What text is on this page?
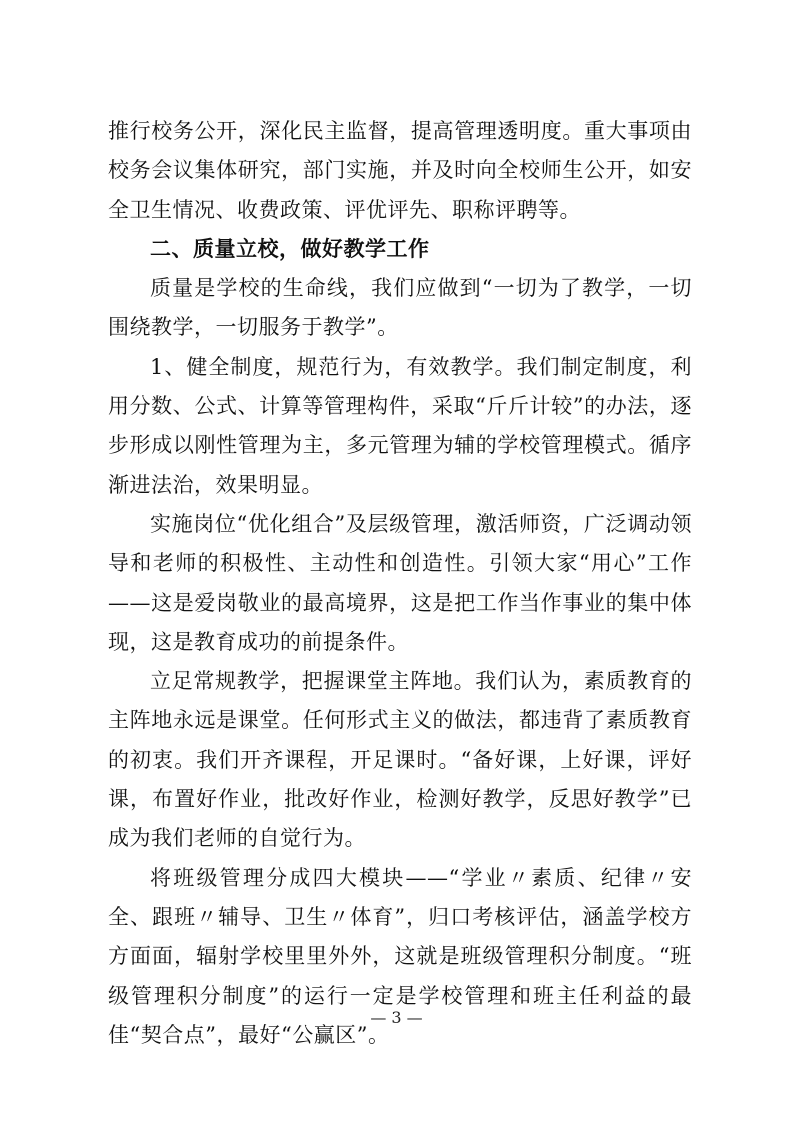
推行校务公开，深化民主监督，提高管理透明度。重大事项由校务会议集体研究，部门实施，并及时向全校师生公开，如安全卫生情况、收费政策、评优评先、职称评聘等。

二、质量立校，做好教学工作

质量是学校的生命线，我们应做到“一切为了教学，一切围绕教学，一切服务于教学”。

1、健全制度，规范行为，有效教学。我们制定制度，利用分数、公式、计算等管理构件，采取“斤斤计较”的办法，逐步形成以刚性管理为主，多元管理为辅的学校管理模式。循序渐进法治，效果明显。

实施岗位“优化组合”及层级管理，激活师资，广泛调动领导和老师的积极性、主动性和创造性。引领大家“用心”工作——这是爱岗敬业的最高境界，这是把工作当作事业的集中体现，这是教育成功的前提条件。

立足常规教学，把握课堂主阵地。我们认为，素质教育的主阵地永远是课堂。任何形式主义的做法，都违背了素质教育的初衷。我们开齐课程，开足课时。“备好课，上好课，评好课，布置好作业，批改好作业，检测好教学，反思好教学”已成为我们老师的自觉行为。

将班级管理分成四大模块——“学业〃素质、纪律〃安全、跟班〃辅导、卫生〃体育”，归口考核评估，涵盖学校方方面面，辐射学校里里外外，这就是班级管理积分制度。“班级管理积分制度”的运行一定是学校管理和班主任利益的最佳“契合点”，最好“公赢区”。

— 3 —
